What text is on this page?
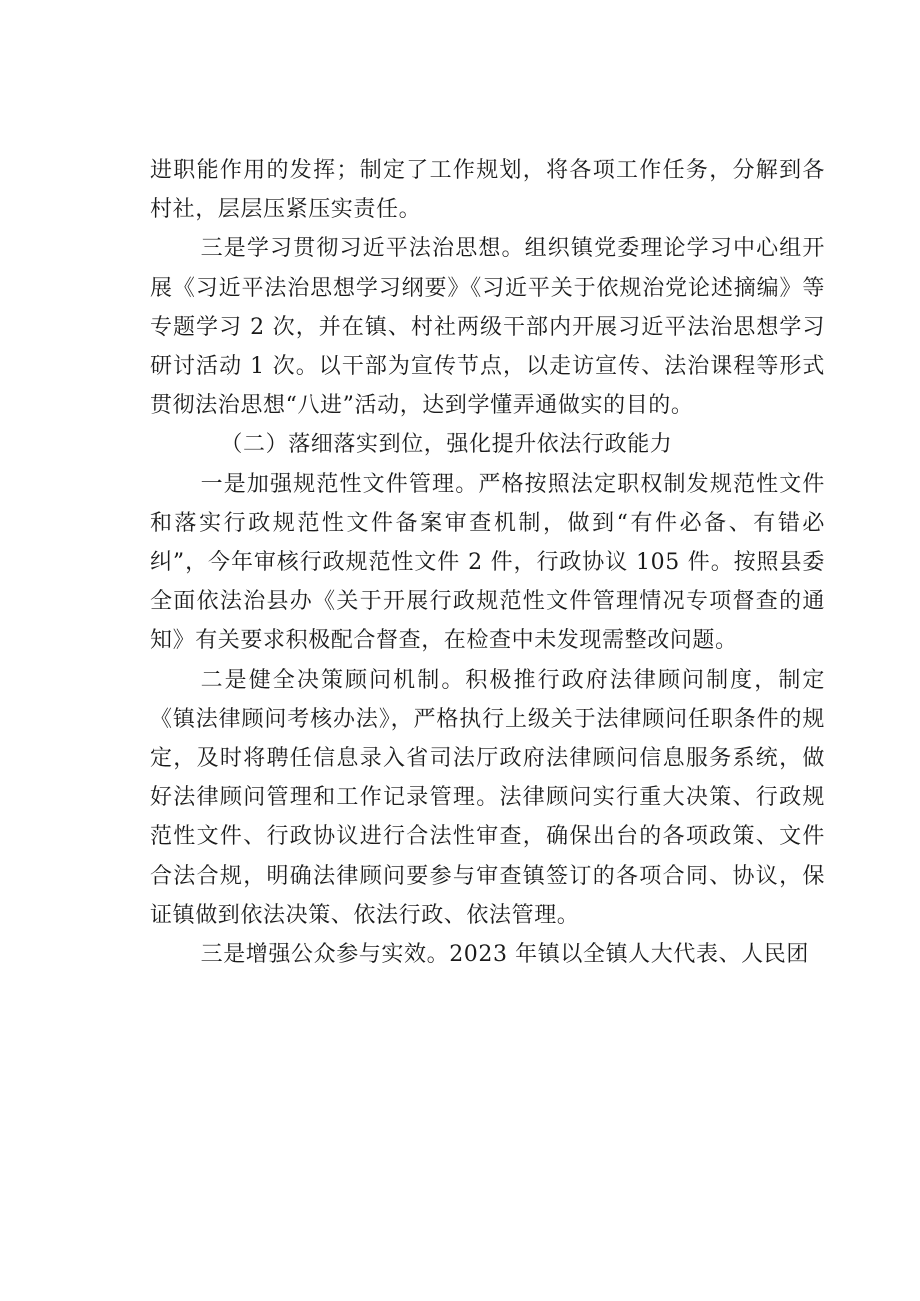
进职能作用的发挥；制定了工作规划，将各项工作任务，分解到各村社，层层压紧压实责任。

三是学习贯彻习近平法治思想。组织镇党委理论学习中心组开展《习近平法治思想学习纲要》《习近平关于依规治党论述摘编》等专题学习 2 次，并在镇、村社两级干部内开展习近平法治思想学习研讨活动 1 次。以干部为宣传节点，以走访宣传、法治课程等形式贯彻法治思想“八进”活动，达到学懂弄通做实的目的。

（二）落细落实到位，强化提升依法行政能力

一是加强规范性文件管理。严格按照法定职权制发规范性文件和落实行政规范性文件备案审查机制，做到“有件必备、有错必纠”，今年审核行政规范性文件 2 件，行政协议 105 件。按照县委全面依法治县办《关于开展行政规范性文件管理情况专项督查的通知》有关要求积极配合督查，在检查中未发现需整改问题。

二是健全决策顾问机制。积极推行政府法律顾问制度，制定《镇法律顾问考核办法》，严格执行上级关于法律顾问任职条件的规定，及时将聘任信息录入省司法厅政府法律顾问信息服务系统，做好法律顾问管理和工作记录管理。法律顾问实行重大决策、行政规范性文件、行政协议进行合法性审查，确保出台的各项政策、文件合法合规，明确法律顾问要参与审查镇签订的各项合同、协议，保证镇做到依法决策、依法行政、依法管理。

三是增强公众参与实效。2023 年镇以全镇人大代表、人民团
